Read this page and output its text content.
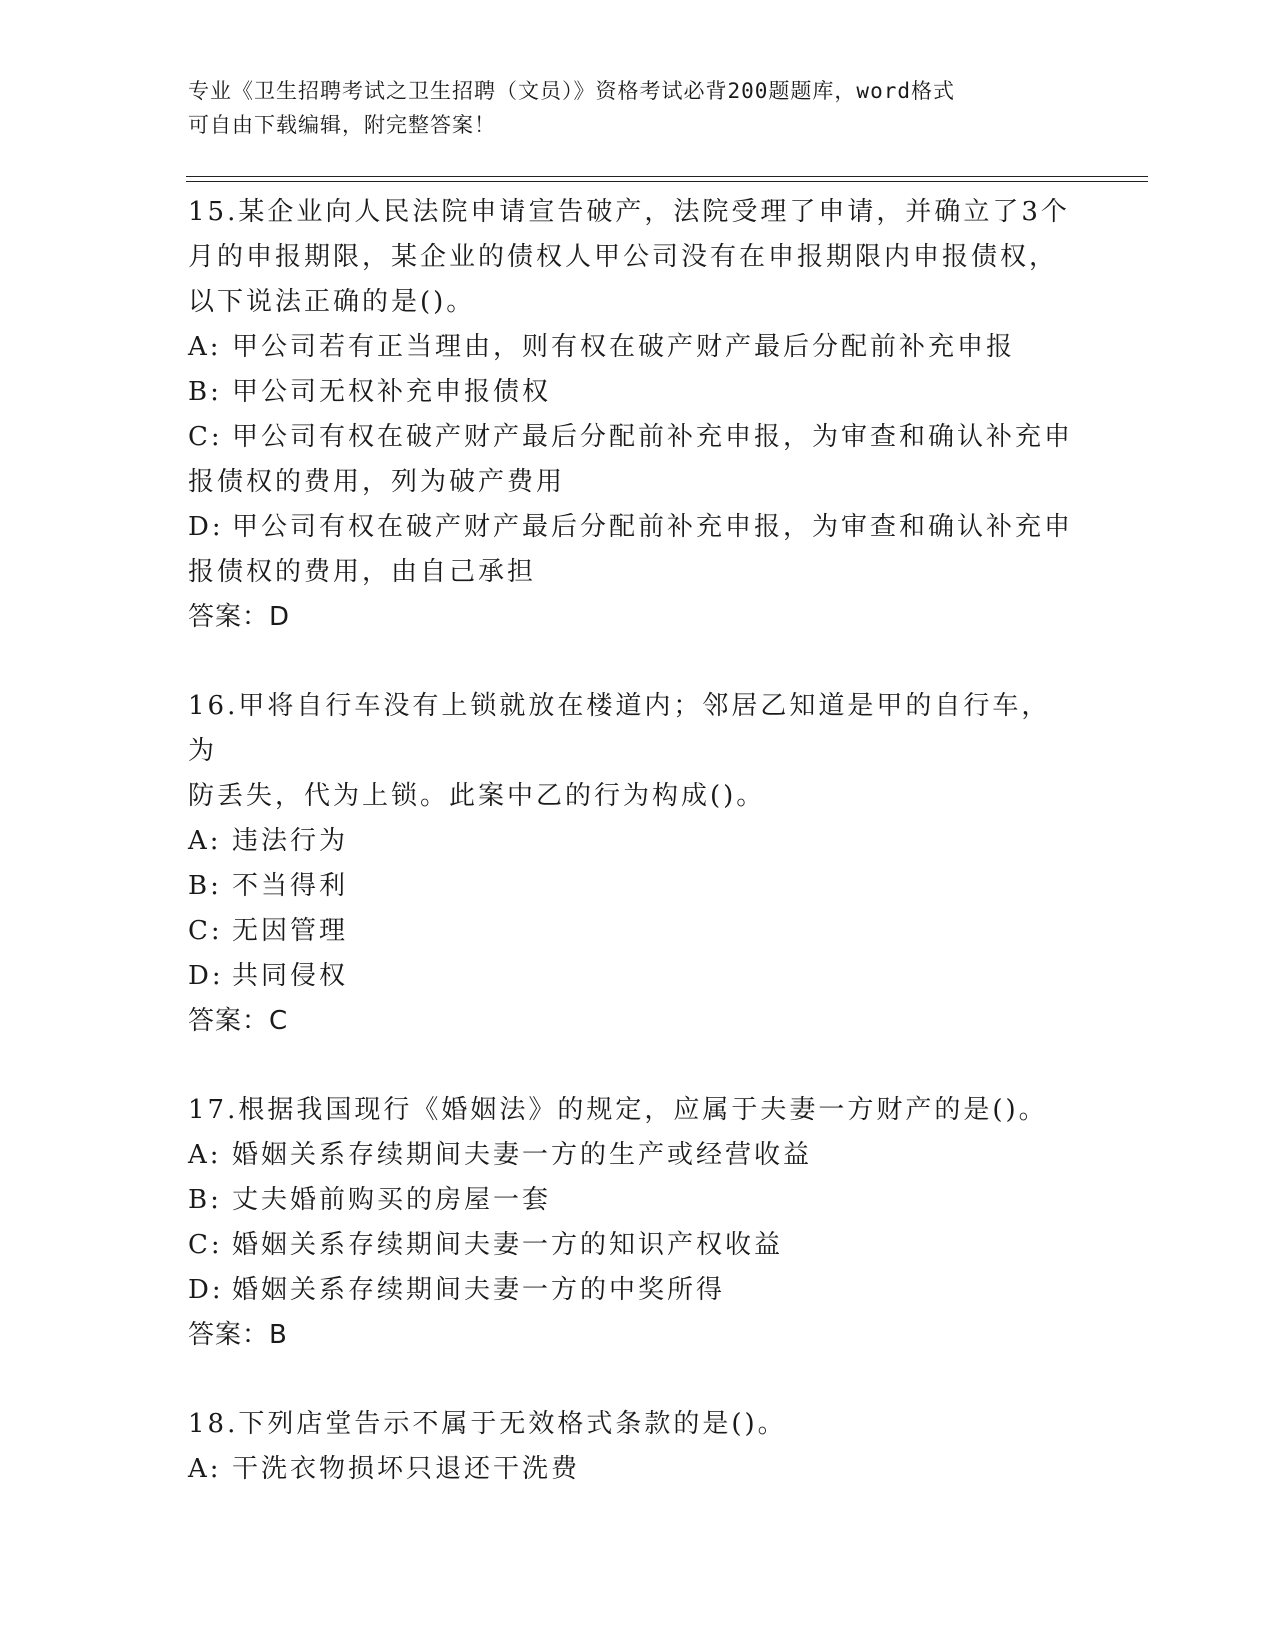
专业《卫生招聘考试之卫生招聘（文员）》资格考试必背200题题库，word格式
可自由下载编辑，附完整答案！
15.某企业向人民法院申请宣告破产，法院受理了申请，并确立了3个
月的申报期限，某企业的债权人甲公司没有在申报期限内申报债权，
以下说法正确的是()。
A: 甲公司若有正当理由，则有权在破产财产最后分配前补充申报
B: 甲公司无权补充申报债权
C: 甲公司有权在破产财产最后分配前补充申报，为审查和确认补充申
报债权的费用，列为破产费用
D: 甲公司有权在破产财产最后分配前补充申报，为审查和确认补充申
报债权的费用，由自己承担
答案：D
16.甲将自行车没有上锁就放在楼道内；邻居乙知道是甲的自行车，为
防丢失，代为上锁。此案中乙的行为构成()。
A: 违法行为
B: 不当得利
C: 无因管理
D: 共同侵权
答案：C
17.根据我国现行《婚姻法》的规定，应属于夫妻一方财产的是()。
A: 婚姻关系存续期间夫妻一方的生产或经营收益
B: 丈夫婚前购买的房屋一套
C: 婚姻关系存续期间夫妻一方的知识产权收益
D: 婚姻关系存续期间夫妻一方的中奖所得
答案：B
18.下列店堂告示不属于无效格式条款的是()。
A: 干洗衣物损坏只退还干洗费
